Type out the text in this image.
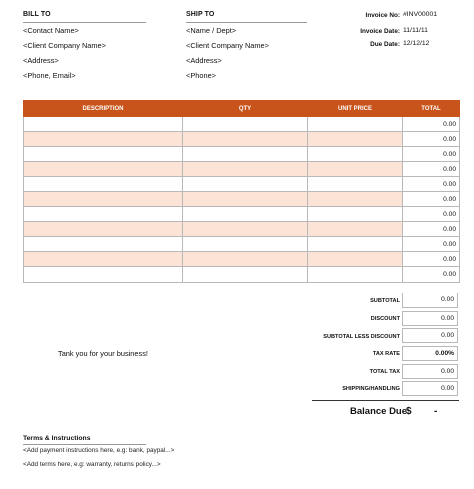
BILL TO
<Contact Name>
<Client Company Name>
<Address>
<Phone, Email>
SHIP TO
<Name / Dept>
<Client Company Name>
<Address>
<Phone>
Invoice No: #INV00001
Invoice Date: 11/11/11
Due Date: 12/12/12
DESCRIPTION	QTY	UNIT PRICE	TOTAL
			0.00
			0.00
			0.00
			0.00
			0.00
			0.00
			0.00
			0.00
			0.00
			0.00
			0.00
SUBTOTAL	0.00
DISCOUNT	0.00
SUBTOTAL LESS DISCOUNT	0.00
TAX RATE	0.00%
TOTAL TAX	0.00
SHIPPING/HANDLING	0.00
Tank you for your business!
Balance Due
$ -
Terms & Instructions
<Add payment instructions here, e.g: bank, paypal...>
<Add terms here, e.g: warranty, returns policy...>
